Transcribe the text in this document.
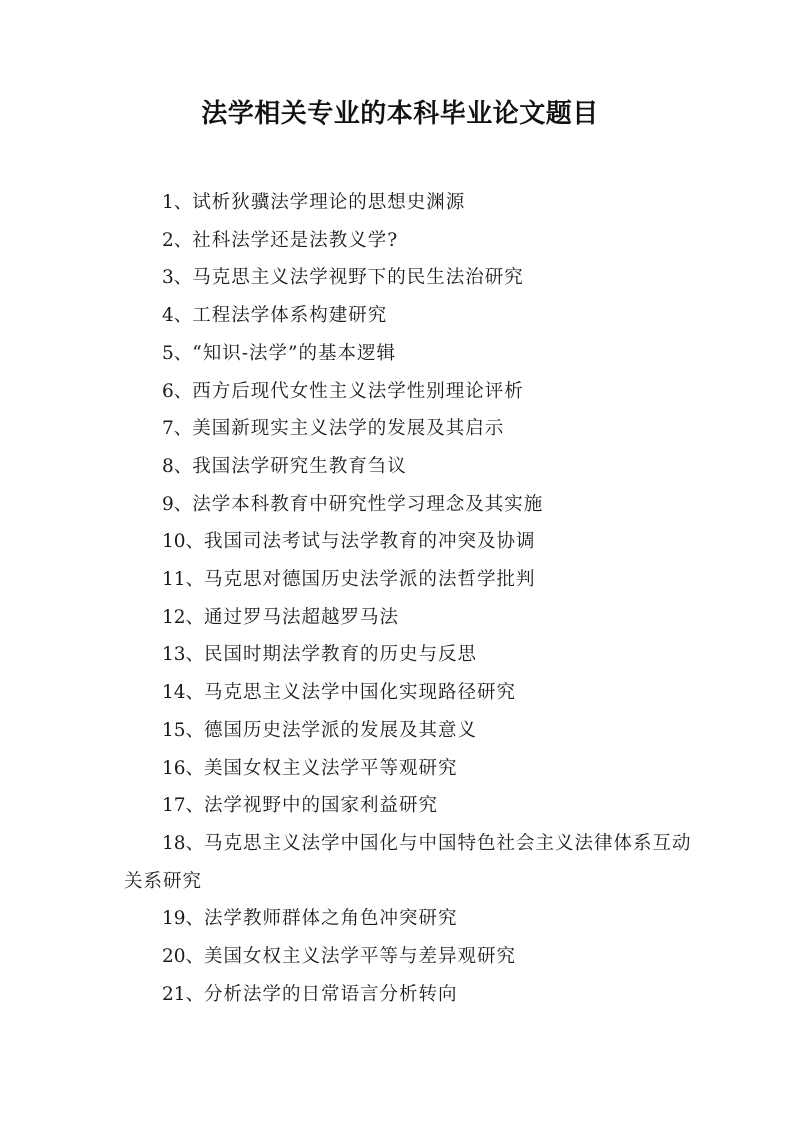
法学相关专业的本科毕业论文题目
1、试析狄骥法学理论的思想史渊源
2、社科法学还是法教义学?
3、马克思主义法学视野下的民生法治研究
4、工程法学体系构建研究
5、“知识-法学”的基本逻辑
6、西方后现代女性主义法学性别理论评析
7、美国新现实主义法学的发展及其启示
8、我国法学研究生教育刍议
9、法学本科教育中研究性学习理念及其实施
10、我国司法考试与法学教育的冲突及协调
11、马克思对德国历史法学派的法哲学批判
12、通过罗马法超越罗马法
13、民国时期法学教育的历史与反思
14、马克思主义法学中国化实现路径研究
15、德国历史法学派的发展及其意义
16、美国女权主义法学平等观研究
17、法学视野中的国家利益研究
18、马克思主义法学中国化与中国特色社会主义法律体系互动关系研究
19、法学教师群体之角色冲突研究
20、美国女权主义法学平等与差异观研究
21、分析法学的日常语言分析转向
